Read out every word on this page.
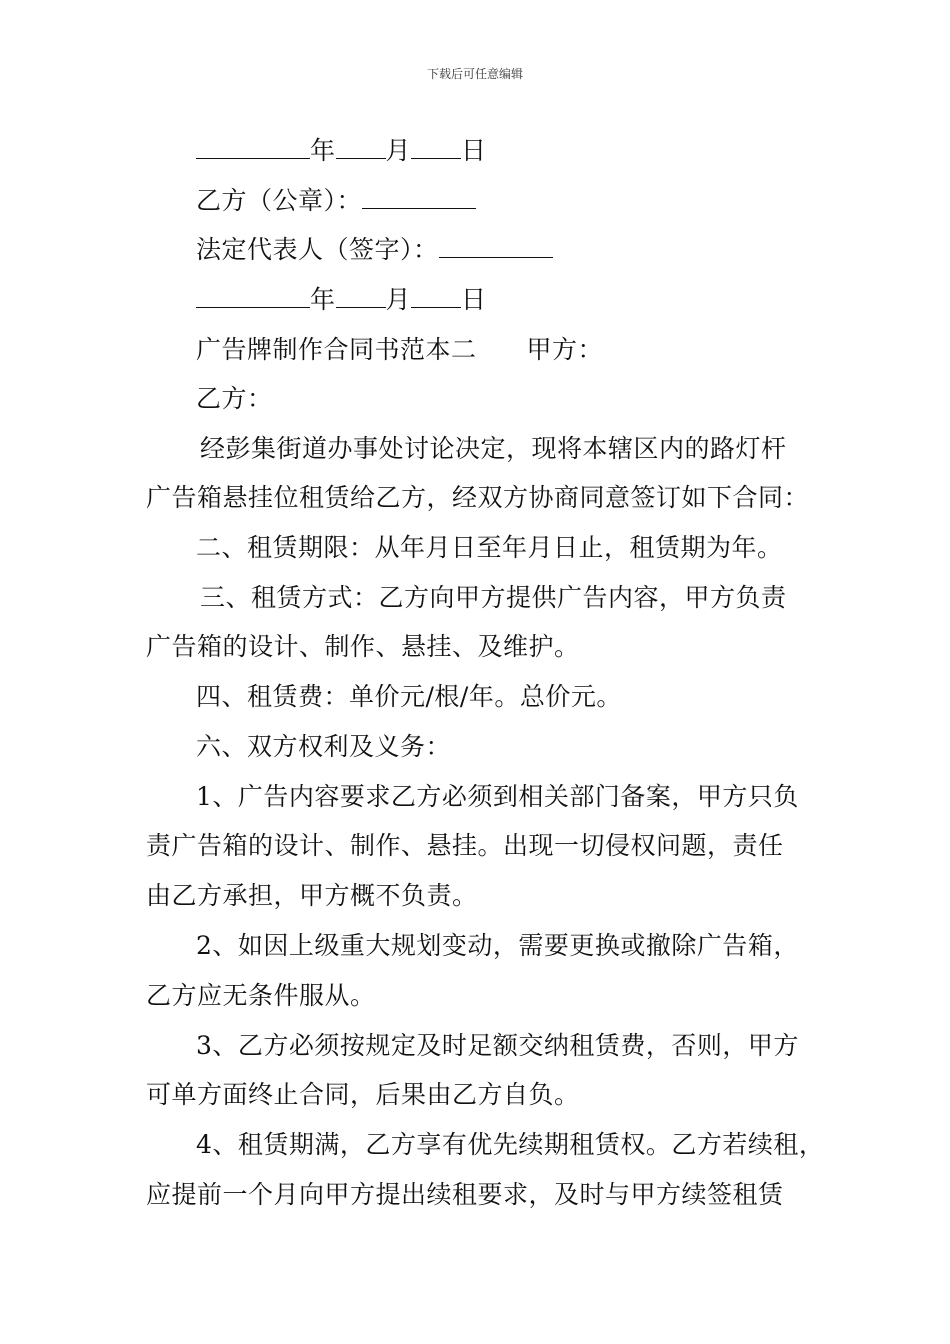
下载后可任意编辑
年 月 日
乙方（公章）：
法定代表人（签字）：
年 月 日
广告牌制作合同书范本二 甲方：
乙方：
经彭集街道办事处讨论决定，现将本辖区内的路灯杆
广告箱悬挂位租赁给乙方，经双方协商同意签订如下合同：
二、租赁期限：从年月日至年月日止，租赁期为年。
三、租赁方式：乙方向甲方提供广告内容，甲方负责
广告箱的设计、制作、悬挂、及维护。
四、租赁费：单价元/根/年。总价元。
六、双方权利及义务：
1、广告内容要求乙方必须到相关部门备案，甲方只负
责广告箱的设计、制作、悬挂。出现一切侵权问题，责任
由乙方承担，甲方概不负责。
2、如因上级重大规划变动，需要更换或撤除广告箱，
乙方应无条件服从。
3、乙方必须按规定及时足额交纳租赁费，否则，甲方
可单方面终止合同，后果由乙方自负。
4、租赁期满，乙方享有优先续期租赁权。乙方若续租，
应提前一个月向甲方提出续租要求，及时与甲方续签租赁
